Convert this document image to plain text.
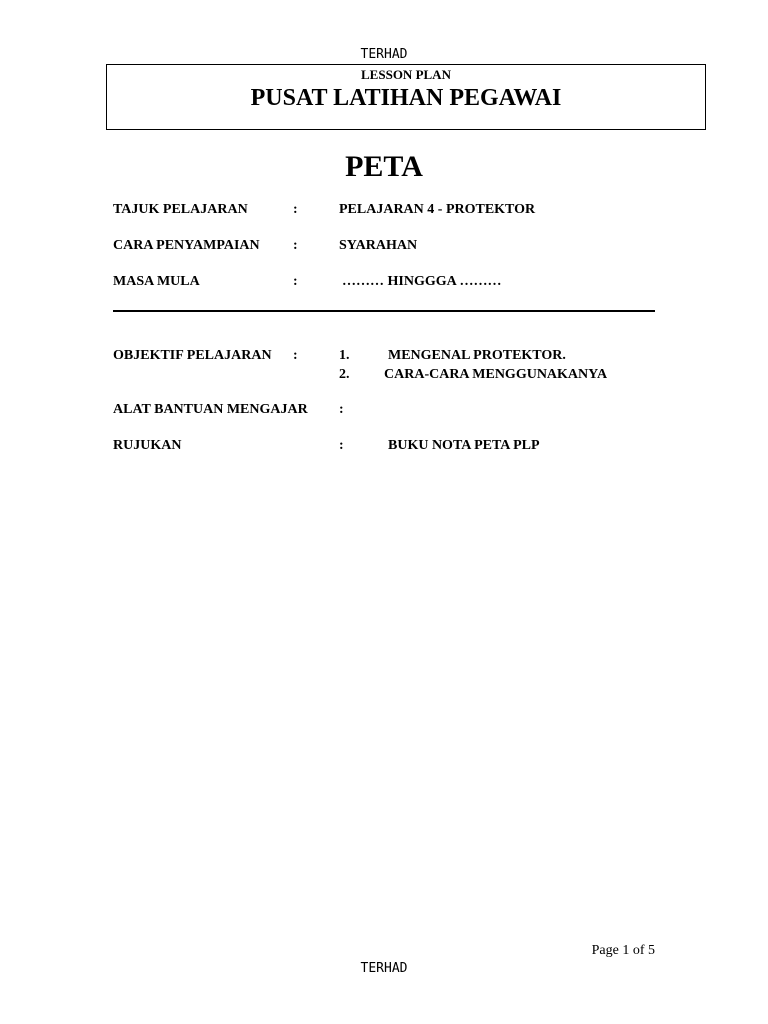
TERHAD
LESSON PLAN
PUSAT LATIHAN PEGAWAI
PETA
TAJUK PELAJARAN	:	PELAJARAN 4 - PROTEKTOR
CARA PENYAMPAIAN :	SYARAHAN
MASA MULA	:	……… HINGGGA ………
OBJEKTIF PELAJARAN :	1.	MENGENAL PROTEKTOR.
2. CARA-CARA MENGGUNAKANYA
ALAT BANTUAN MENGAJAR :
RUJUKAN	:	BUKU NOTA PETA PLP
Page 1 of 5
TERHAD
